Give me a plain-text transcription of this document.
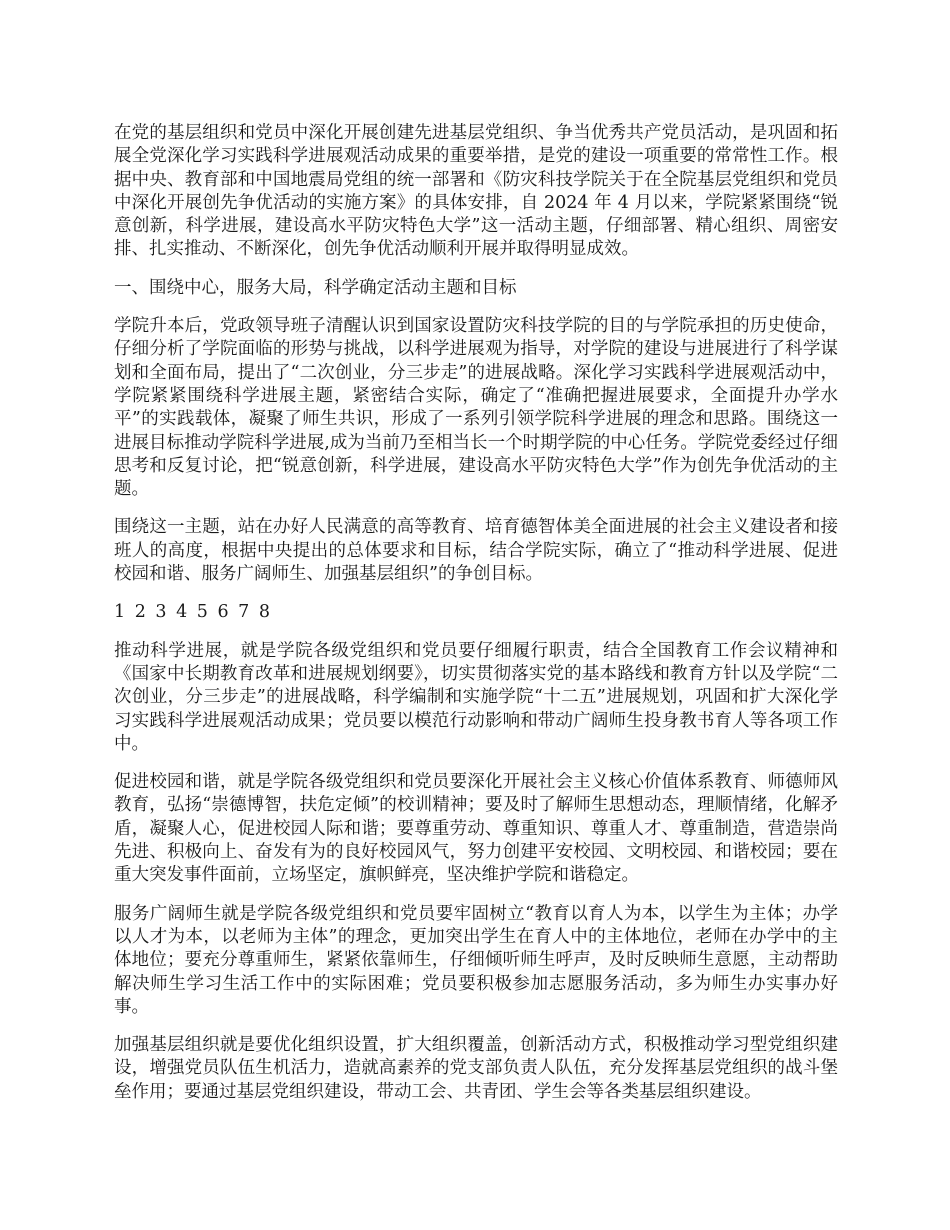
在党的基层组织和党员中深化开展创建先进基层党组织、争当优秀共产党员活动，是巩固和拓展全党深化学习实践科学进展观活动成果的重要举措，是党的建设一项重要的常常性工作。根据中央、教育部和中国地震局党组的统一部署和《防灾科技学院关于在全院基层党组织和党员中深化开展创先争优活动的实施方案》的具体安排，自 2024 年 4 月以来，学院紧紧围绕“锐意创新，科学进展，建设高水平防灾特色大学”这一活动主题，仔细部署、精心组织、周密安排、扎实推动、不断深化，创先争优活动顺利开展并取得明显成效。

一、围绕中心，服务大局，科学确定活动主题和目标

学院升本后，党政领导班子清醒认识到国家设置防灾科技学院的目的与学院承担的历史使命，仔细分析了学院面临的形势与挑战，以科学进展观为指导，对学院的建设与进展进行了科学谋划和全面布局，提出了“二次创业，分三步走”的进展战略。深化学习实践科学进展观活动中，学院紧紧围绕科学进展主题，紧密结合实际，确定了“准确把握进展要求，全面提升办学水平”的实践载体，凝聚了师生共识，形成了一系列引领学院科学进展的理念和思路。围绕这一进展目标推动学院科学进展,成为当前乃至相当长一个时期学院的中心任务。学院党委经过仔细思考和反复讨论，把“锐意创新，科学进展，建设高水平防灾特色大学”作为创先争优活动的主题。

围绕这一主题，站在办好人民满意的高等教育、培育德智体美全面进展的社会主义建设者和接班人的高度，根据中央提出的总体要求和目标，结合学院实际，确立了“推动科学进展、促进校园和谐、服务广阔师生、加强基层组织”的争创目标。

1 2 3 4 5 6 7 8

推动科学进展，就是学院各级党组织和党员要仔细履行职责，结合全国教育工作会议精神和《国家中长期教育改革和进展规划纲要》，切实贯彻落实党的基本路线和教育方针以及学院“二次创业，分三步走”的进展战略，科学编制和实施学院“十二五”进展规划，巩固和扩大深化学习实践科学进展观活动成果；党员要以模范行动影响和带动广阔师生投身教书育人等各项工作中。

促进校园和谐，就是学院各级党组织和党员要深化开展社会主义核心价值体系教育、师德师风教育，弘扬“崇德博智，扶危定倾”的校训精神；要及时了解师生思想动态，理顺情绪，化解矛盾，凝聚人心，促进校园人际和谐；要尊重劳动、尊重知识、尊重人才、尊重制造，营造崇尚先进、积极向上、奋发有为的良好校园风气，努力创建平安校园、文明校园、和谐校园；要在重大突发事件面前，立场坚定，旗帜鲜亮，坚决维护学院和谐稳定。

服务广阔师生就是学院各级党组织和党员要牢固树立“教育以育人为本，以学生为主体；办学以人才为本，以老师为主体”的理念，更加突出学生在育人中的主体地位，老师在办学中的主体地位；要充分尊重师生，紧紧依靠师生，仔细倾听师生呼声，及时反映师生意愿，主动帮助解决师生学习生活工作中的实际困难；党员要积极参加志愿服务活动，多为师生办实事办好事。

加强基层组织就是要优化组织设置，扩大组织覆盖，创新活动方式，积极推动学习型党组织建设，增强党员队伍生机活力，造就高素养的党支部负责人队伍，充分发挥基层党组织的战斗堡垒作用；要通过基层党组织建设，带动工会、共青团、学生会等各类基层组织建设。
